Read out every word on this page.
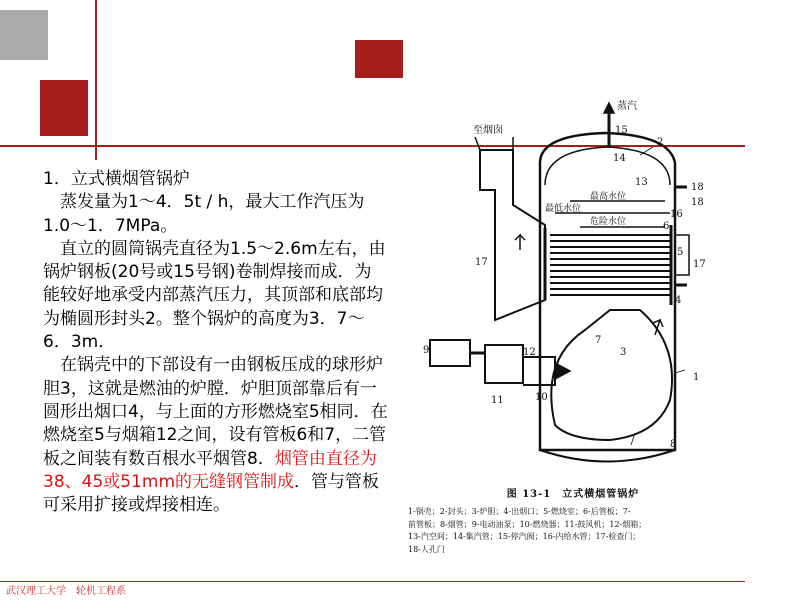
1．立式横烟管锅炉

蒸发量为1～4．5t / h，最大工作汽压为1.0～1．7MPa。

直立的圆筒锅壳直径为1.5～2.6m左右，由锅炉钢板(20号或15号钢)卷制焊接而成．为能较好地承受内部蒸汽压力，其顶部和底部均为椭圆形封头2。整个锅炉的高度为3．7～6．3m．

在锅壳中的下部设有一由钢板压成的球形炉胆3，这就是燃油的炉膛．炉胆顶部靠后有一圆形出烟口4，与上面的方形燃烧室5相同．在燃烧室5与烟箱12之间，设有管板6和7，二管板之间装有数百根水平烟管8．烟管由直径为38、45或51mm的无缝钢管制成．管与管板可采用扩接或焊接相连。

蒸汽
至烟囱
最高水位
最低水位
危险水位
1
2
3
4
5
6
7
8
9
10
11
12
13
14
15
16
17	17
18
18
图 13-1　立式横烟管锅炉
1-锅壳；2-封头；3-炉胆；4-出烟口；5-燃烧室；6-后管板；7-
前管板；8-烟管；9-电动油泵；10-燃烧器；11-鼓风机；12-烟箱；
13-汽空间；14-集汽管；15-停汽阀；16-内给水管；17-检查门；
18-人孔门
武汉理工大学　轮机工程系
